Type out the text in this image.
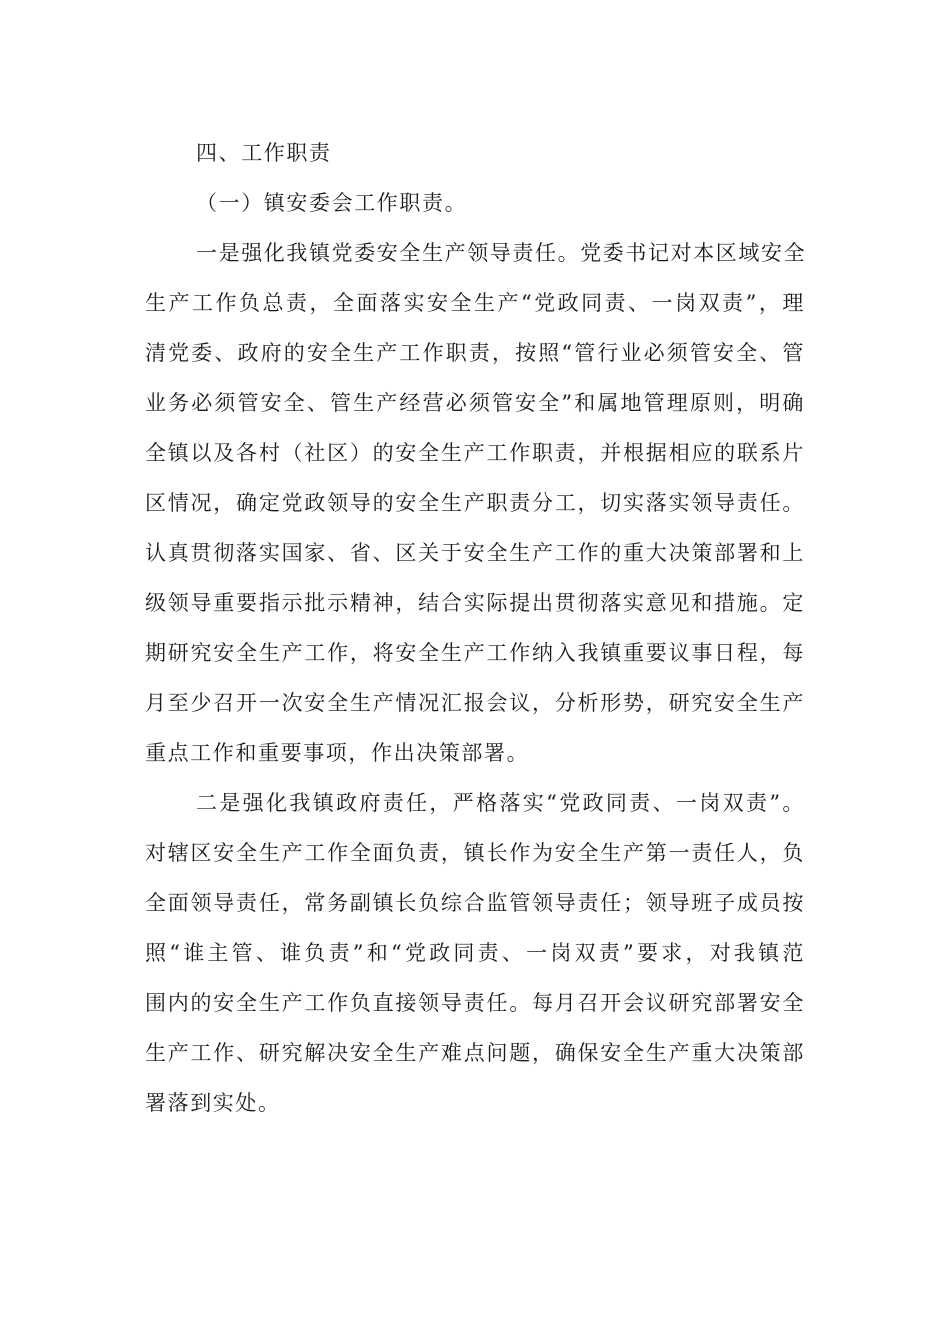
四、工作职责
（一）镇安委会工作职责。
一是强化我镇党委安全生产领导责任。党委书记对本区域安全
生产工作负总责，全面落实安全生产“党政同责、一岗双责”，理
清党委、政府的安全生产工作职责，按照“管行业必须管安全、管
业务必须管安全、管生产经营必须管安全”和属地管理原则，明确
全镇以及各村（社区）的安全生产工作职责，并根据相应的联系片
区情况，确定党政领导的安全生产职责分工，切实落实领导责任。
认真贯彻落实国家、省、区关于安全生产工作的重大决策部署和上
级领导重要指示批示精神，结合实际提出贯彻落实意见和措施。定
期研究安全生产工作，将安全生产工作纳入我镇重要议事日程，每
月至少召开一次安全生产情况汇报会议，分析形势，研究安全生产
重点工作和重要事项，作出决策部署。
二是强化我镇政府责任，严格落实“党政同责、一岗双责”。
对辖区安全生产工作全面负责，镇长作为安全生产第一责任人，负
全面领导责任，常务副镇长负综合监管领导责任；领导班子成员按
照“谁主管、谁负责”和“党政同责、一岗双责”要求，对我镇范
围内的安全生产工作负直接领导责任。每月召开会议研究部署安全
生产工作、研究解决安全生产难点问题，确保安全生产重大决策部
署落到实处。
